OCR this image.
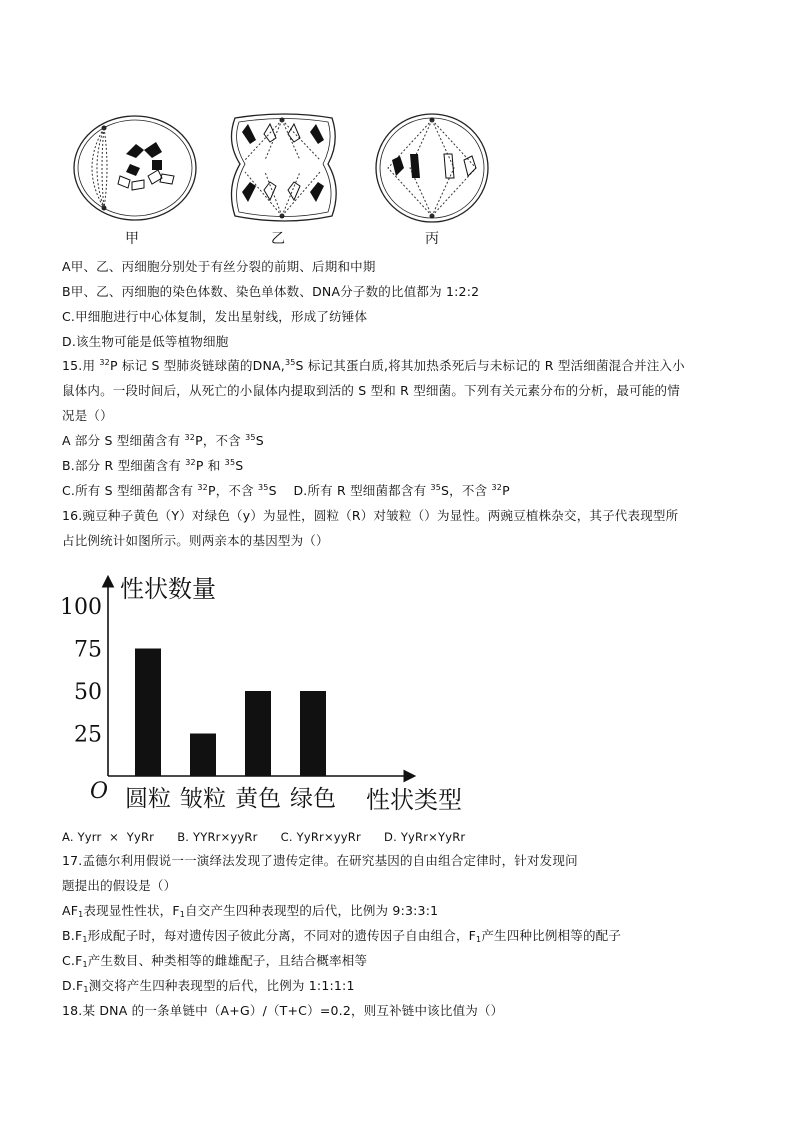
甲	乙	丙
A甲、乙、丙细胞分别处于有丝分裂的前期、后期和中期
B甲、乙、丙细胞的染色体数、染色单体数、DNA分子数的比值都为 1:2:2
C.甲细胞进行中心体复制，发出星射线，形成了纺锤体
D.该生物可能是低等植物细胞
15.用 $^{32}$P 标记 S 型肺炎链球菌的DNA,$^{35}$S 标记其蛋白质,将其加热杀死后与未标记的 R 型活细菌混合并注入小
鼠体内。一段时间后，从死亡的小鼠体内提取到活的 S 型和 R 型细菌。下列有关元素分布的分析，最可能的情
况是（）
A 部分 S 型细菌含有 $^{32}$P，不含 $^{35}$S
B.部分 R 型细菌含有 $^{32}$P 和 $^{35}$S
C.所有 S 型细菌都含有 $^{32}$P，不含 $^{35}$S D.所有 R 型细菌都含有 $^{35}$S，不含 $^{32}$P
16.豌豆种子黄色（Y）对绿色（y）为显性，圆粒（R）对皱粒（）为显性。两豌豆植株杂交，其子代表现型所
占比例统计如图所示。则两亲本的基因型为（）
性状数量
性状类型
O
25
50
75
100
圆粒 皱粒 黄色 绿色
A. Yyrr  ×  YyRr      B. YYRr×yyRr      C. YyRr×yyRr      D. YyRr×YyRr
17.孟德尔利用假说一一演绎法发现了遗传定律。在研究基因的自由组合定律时，针对发现问
题提出的假设是（）
$AF_1$表现显性性状，$F_1$自交产生四种表现型的后代，比例为 9:3:3:1
$B.F_1$形成配子时，每对遗传因子彼此分离，不同对的遗传因子自由组合，$F_1$产生四种比例相等的配子
$C.F_1$产生数目、种类相等的雌雄配子，且结合概率相等
$D.F_1$测交将产生四种表现型的后代，比例为 1:1:1:1
18.某 DNA 的一条单链中（A+G）/（T+C）=0.2，则互补链中该比值为（）
